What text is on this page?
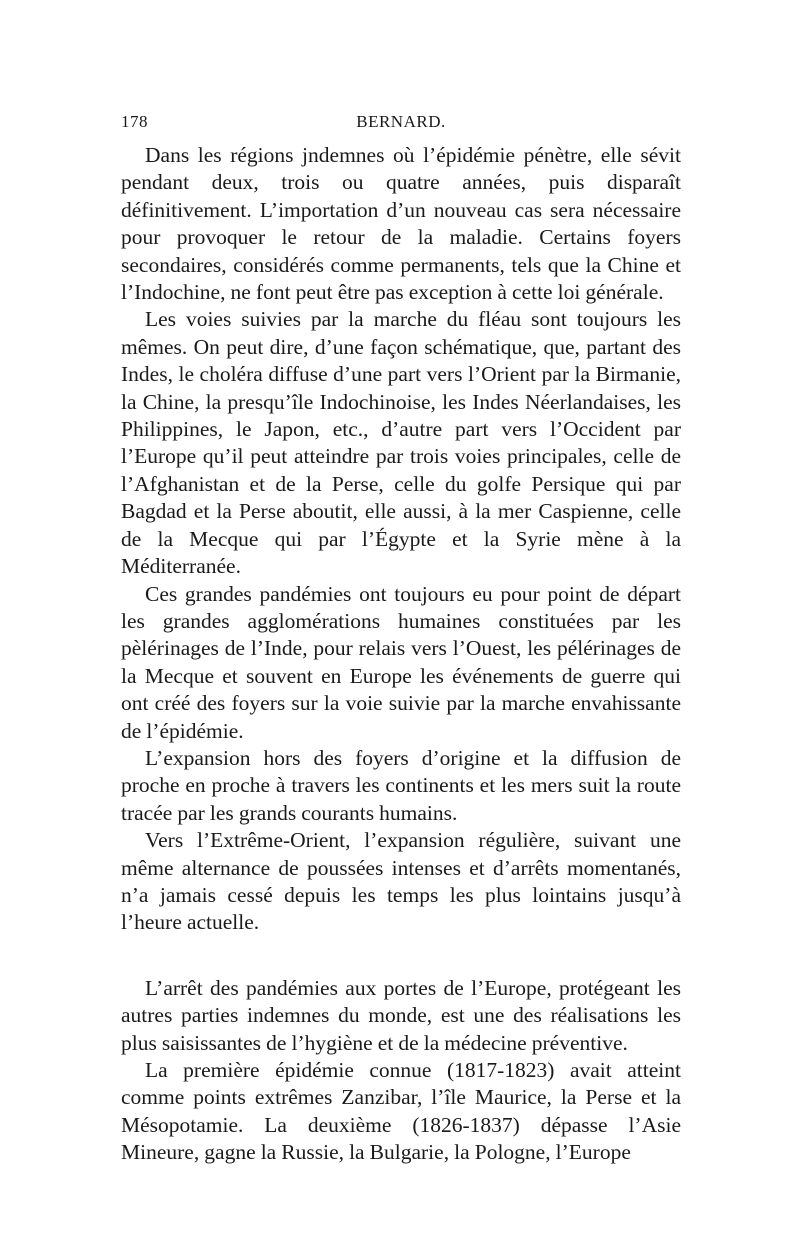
178	BERNARD.

Dans les régions jndemnes où l’épidémie pénètre, elle sévit pendant deux, trois ou quatre années, puis disparaît définitivement. L’importation d’un nouveau cas sera nécessaire pour provoquer le retour de la maladie. Certains foyers secondaires, considérés comme permanents, tels que la Chine et l’Indochine, ne font peut être pas exception à cette loi générale.

Les voies suivies par la marche du fléau sont toujours les mêmes. On peut dire, d’une façon schématique, que, partant des Indes, le choléra diffuse d’une part vers l’Orient par la Birmanie, la Chine, la presqu’île Indochinoise, les Indes Néerlandaises, les Philippines, le Japon, etc., d’autre part vers l’Occident par l’Europe qu’il peut atteindre par trois voies principales, celle de l’Afghanistan et de la Perse, celle du golfe Persique qui par Bagdad et la Perse aboutit, elle aussi, à la mer Caspienne, celle de la Mecque qui par l’Égypte et la Syrie mène à la Méditerranée.

Ces grandes pandémies ont toujours eu pour point de départ les grandes agglomérations humaines constituées par les pèlérinages de l’Inde, pour relais vers l’Ouest, les pélérinages de la Mecque et souvent en Europe les événements de guerre qui ont créé des foyers sur la voie suivie par la marche envahissante de l’épidémie.

L’expansion hors des foyers d’origine et la diffusion de proche en proche à travers les continents et les mers suit la route tracée par les grands courants humains.

Vers l’Extrême-Orient, l’expansion régulière, suivant une même alternance de poussées intenses et d’arrêts momentanés, n’a jamais cessé depuis les temps les plus lointains jusqu’à l’heure actuelle.

L’arrêt des pandémies aux portes de l’Europe, protégeant les autres parties indemnes du monde, est une des réalisations les plus saisissantes de l’hygiène et de la médecine préventive.

La première épidémie connue (1817-1823) avait atteint comme points extrêmes Zanzibar, l’île Maurice, la Perse et la Mésopotamie. La deuxième (1826-1837) dépasse l’Asie Mineure, gagne la Russie, la Bulgarie, la Pologne, l’Europe
